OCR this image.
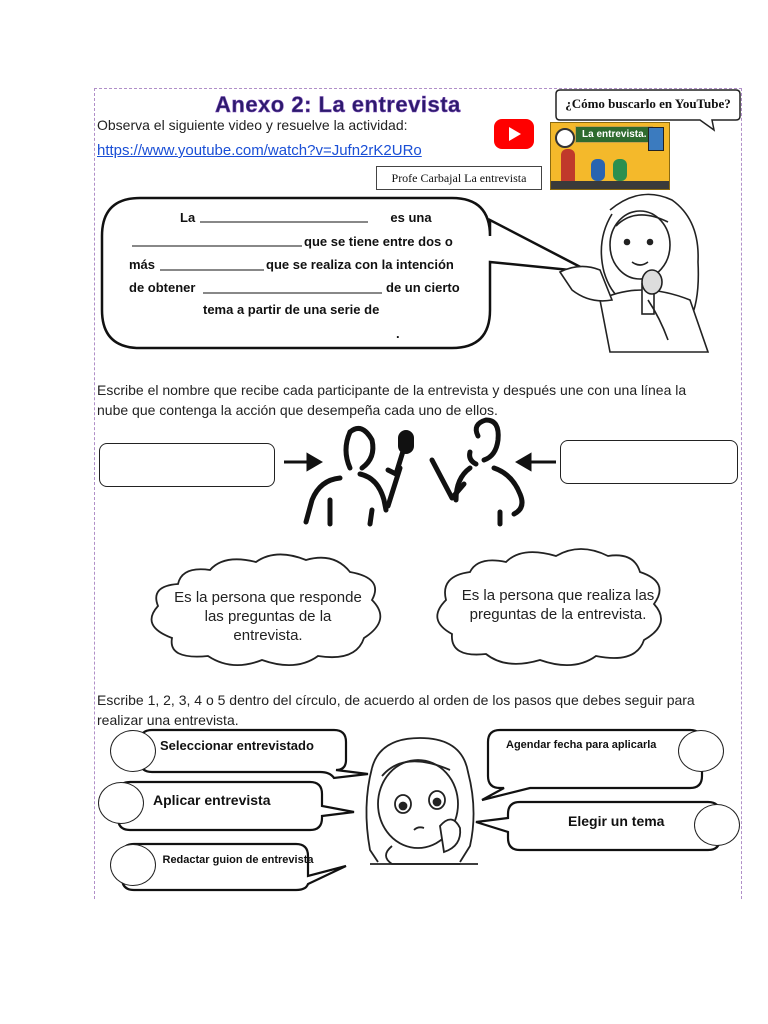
Anexo 2: La entrevista
Observa el siguiente video y resuelve la actividad:
https://www.youtube.com/watch?v=Jufn2rK2URo
¿Cómo buscarlo en YouTube?
La entrevista.
Profe Carbajal La entrevista
La	es una
que se tiene entre dos o
más	que se realiza con la intención
de obtener	de un cierto
tema a partir de una serie de
.
Escribe el nombre que recibe cada participante de la entrevista y después une con una línea la nube que contenga la acción que desempeña cada uno de ellos.
Es la persona que responde las preguntas de la entrevista.
Es la persona que realiza las preguntas de la entrevista.
Escribe 1, 2, 3, 4 o 5 dentro del círculo, de acuerdo al orden de los pasos que debes seguir para realizar una entrevista.
Seleccionar entrevistado	Agendar fecha para aplicarla
Aplicar entrevista
Elegir un tema
Redactar guion de entrevista
